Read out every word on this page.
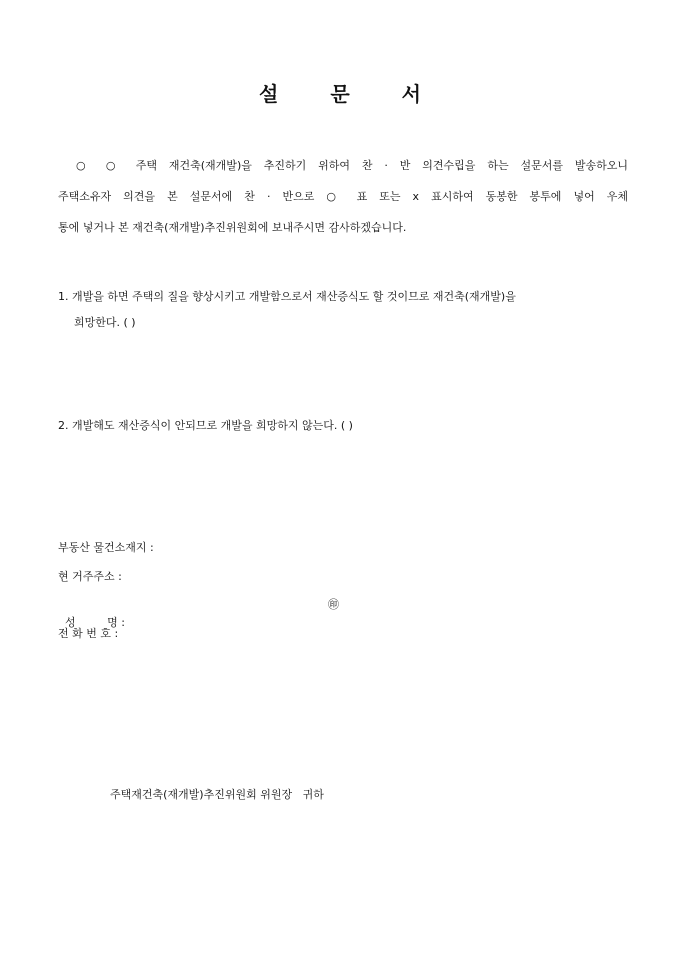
설	문	서

○ ○ 주택 재건축(재개발)을 추진하기 위하여 찬 · 반 의견수립을 하는 설문서를 발송하오니

주택소유자 의견을 본 설문서에 찬 · 반으로 ○ 표 또는 x 표시하여 동봉한 봉투에 넣어 우체

통에 넣거나 본 재건축(재개발)추진위원회에 보내주시면 감사하겠습니다.

1. 개발을 하면 주택의 질을 향상시키고 개발함으로서 재산증식도 할 것이므로 재건축(재개발)을

희망한다. ( )

2. 개발해도 재산증식이 안되므로 개발을 희망하지 않는다. ( )
부동산 물건소재지 :
현 거주주소 :

성         명 :

㊞
전 화 번 호 :
주택재건축(재개발)추진위원회 위원장   귀하
